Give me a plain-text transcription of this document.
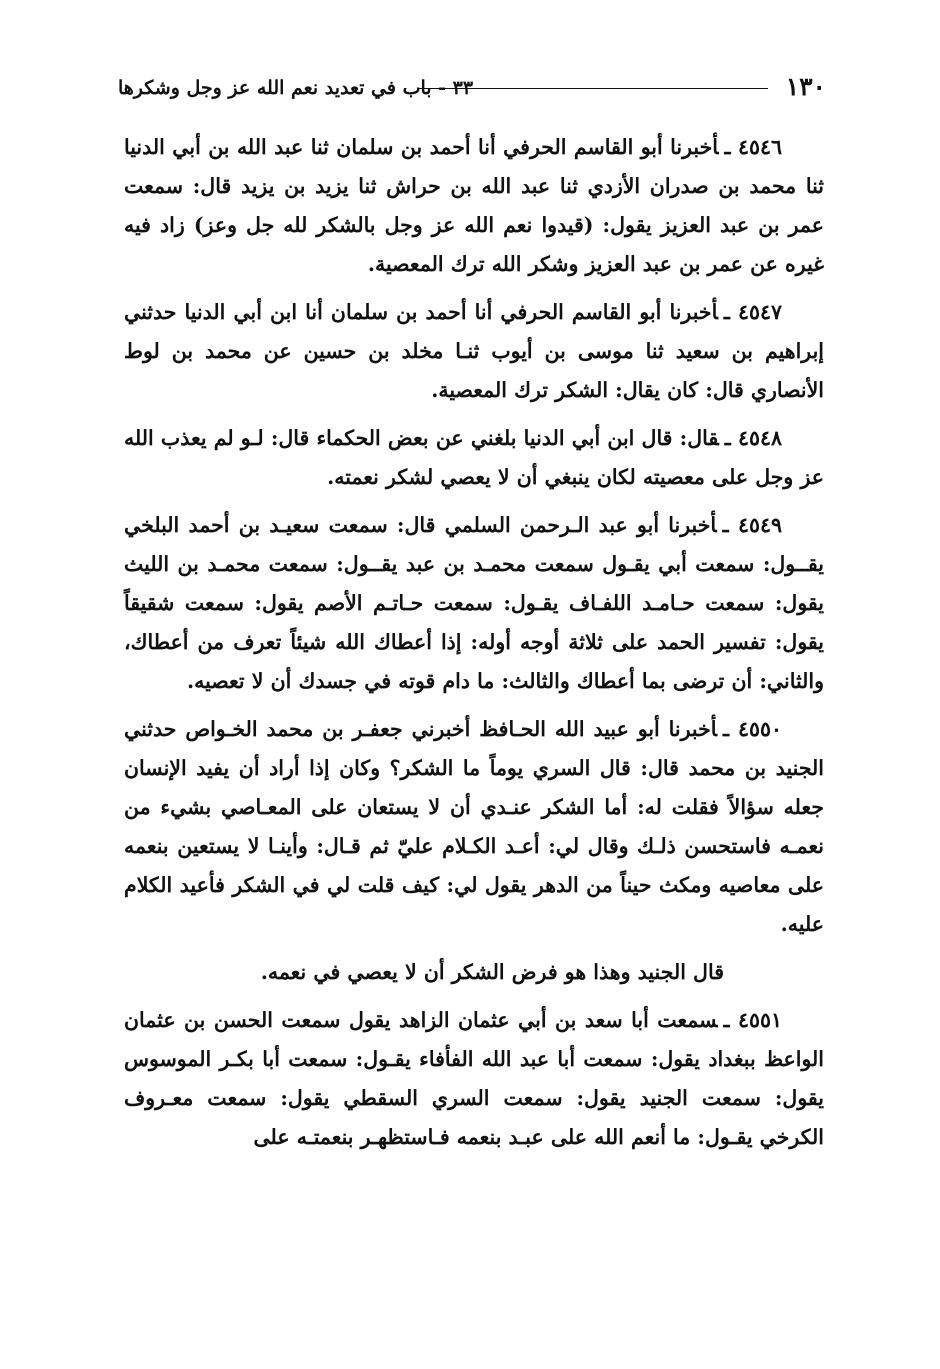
١٣٠
٣٣ - باب في تعديد نعم الله عز وجل وشكرها

٤٥٤٦ ـأخبرنا أبو القاسم الحرفي أنا أحمد بن سلمان ثنا عبد الله بن أبي الدنيا ثنا محمد بن صدران الأزدي ثنا عبد الله بن حراش ثنا يزيد بن يزيد قال: سمعت عمر بن عبد العزيز يقول: (قيدوا نعم الله عز وجل بالشكر لله جل وعز) زاد فيه غيره عن عمر بن عبد العزيز وشكر الله ترك المعصية.

٤٥٤٧ ـأخبرنا أبو القاسم الحرفي أنا أحمد بن سلمان أنا ابن أبي الدنيا حدثني إبراهيم بن سعيد ثنا موسى بن أيوب ثنـا مخلد بن حسين عن محمد بن لوط الأنصاري قال: كان يقال: الشكر ترك المعصية.

٤٥٤٨ ـقال: قال ابن أبي الدنيا بلغني عن بعض الحكماء قال: لـو لم يعذب الله عز وجل على معصيته لكان ينبغي أن لا يعصي لشكر نعمته.

٤٥٤٩ ـأخبرنا أبو عبد الـرحمن السلمي قال: سمعت سعيـد بن أحمد البلخي يقــول: سمعت أبي يقـول سمعت محمـد بن عبد يقــول: سمعت محمـد بن الليث يقول: سمعت حـامـد اللفـاف يقـول: سمعت حـاتـم الأصم يقول: سمعت شقيقاً يقول: تفسير الحمد على ثلاثة أوجه أوله: إذا أعطاك الله شيئاً تعرف من أعطاك، والثاني: أن ترضى بما أعطاك والثالث: ما دام قوته في جسدك أن لا تعصيه.

٤٥٥٠ ـأخبرنا أبو عبيد الله الحـافظ أخبرني جعفـر بن محمد الخـواص حدثني الجنيد بن محمد قال: قال السري يوماً ما الشكر؟ وكان إذا أراد أن يفيد الإنسان جعله سؤالاً فقلت له: أما الشكر عنـدي أن لا يستعان على المعـاصي بشيء من نعمـه فاستحسن ذلـك وقال لي: أعـد الكـلام عليّ ثم قـال: وأينـا لا يستعين بنعمه على معاصيه ومكث حيناً من الدهر يقول لي: كيف قلت لي في الشكر فأعيد الكلام عليه.

قال الجنيد وهذا هو فرض الشكر أن لا يعصي في نعمه.

٤٥٥١ ـسمعت أبا سعد بن أبي عثمان الزاهد يقول سمعت الحسن بن عثمان الواعظ ببغداد يقول: سمعت أبا عبد الله الفأفاء يقـول: سمعت أبا بكـر الموسوس يقول: سمعت الجنيد يقول: سمعت السري السقطي يقول: سمعت معـروف الكرخي يقـول: ما أنعم الله على عبـد بنعمه فـاستظهـر بنعمتـه على
